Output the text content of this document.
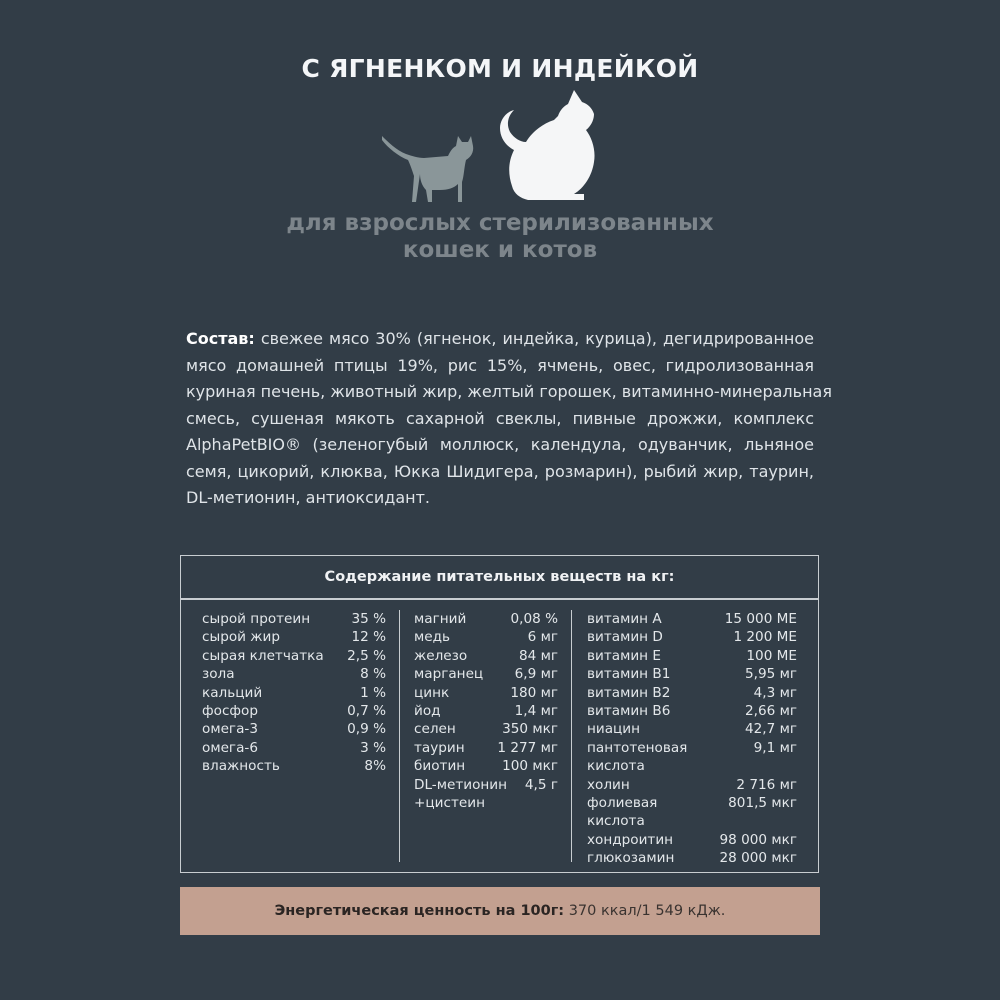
С ЯГНЕНКОМ И ИНДЕЙКОЙ
для взрослых стерилизованных
кошек и котов
Состав: свежее мясо 30% (ягненок, индейка, курица), дегидрированное
мясо домашней птицы 19%, рис 15%, ячмень, овес, гидролизованная
куриная печень, животный жир, желтый горошек, витаминно-минеральная
смесь, сушеная мякоть сахарной свеклы, пивные дрожжи, комплекс
AlphaPetBIO® (зеленогубый моллюск, календула, одуванчик, льняное
семя, цикорий, клюква, Юкка Шидигера, розмарин), рыбий жир, таурин,
DL-метионин, антиоксидант.
Содержание питательных веществ на кг:
сырой протеин	35 %
сырой жир	12 %
сырая клетчатка 2,5 %
зола	8 %
кальций	1 %
фосфор	0,7 %
омега-3	0,9 %
омега-6	3 %
влажность	8%
магний	0,08 %
медь	6 мг
железо	84 мг
марганец 6,9 мг
цинк	180 мг
йод	1,4 мг
селен	350 мкг
таурин 1 277 мг
биотин	100 мкг
DL-метионин 4,5 г
+цистеин
витамин А	15 000 МЕ
витамин D	1 200 МЕ
витамин Е	100 МЕ
витамин В1	5,95 мг
витамин В2	4,3 мг
витамин В6	2,66 мг
ниацин	42,7 мг
пантотеновая	9,1 мг
кислота
холин	2 716 мг
фолиевая	801,5 мкг
кислота
хондроитин	98 000 мкг
глюкозамин	28 000 мкг
Энергетическая ценность на 100г: 370 ккал/1 549 кДж.
